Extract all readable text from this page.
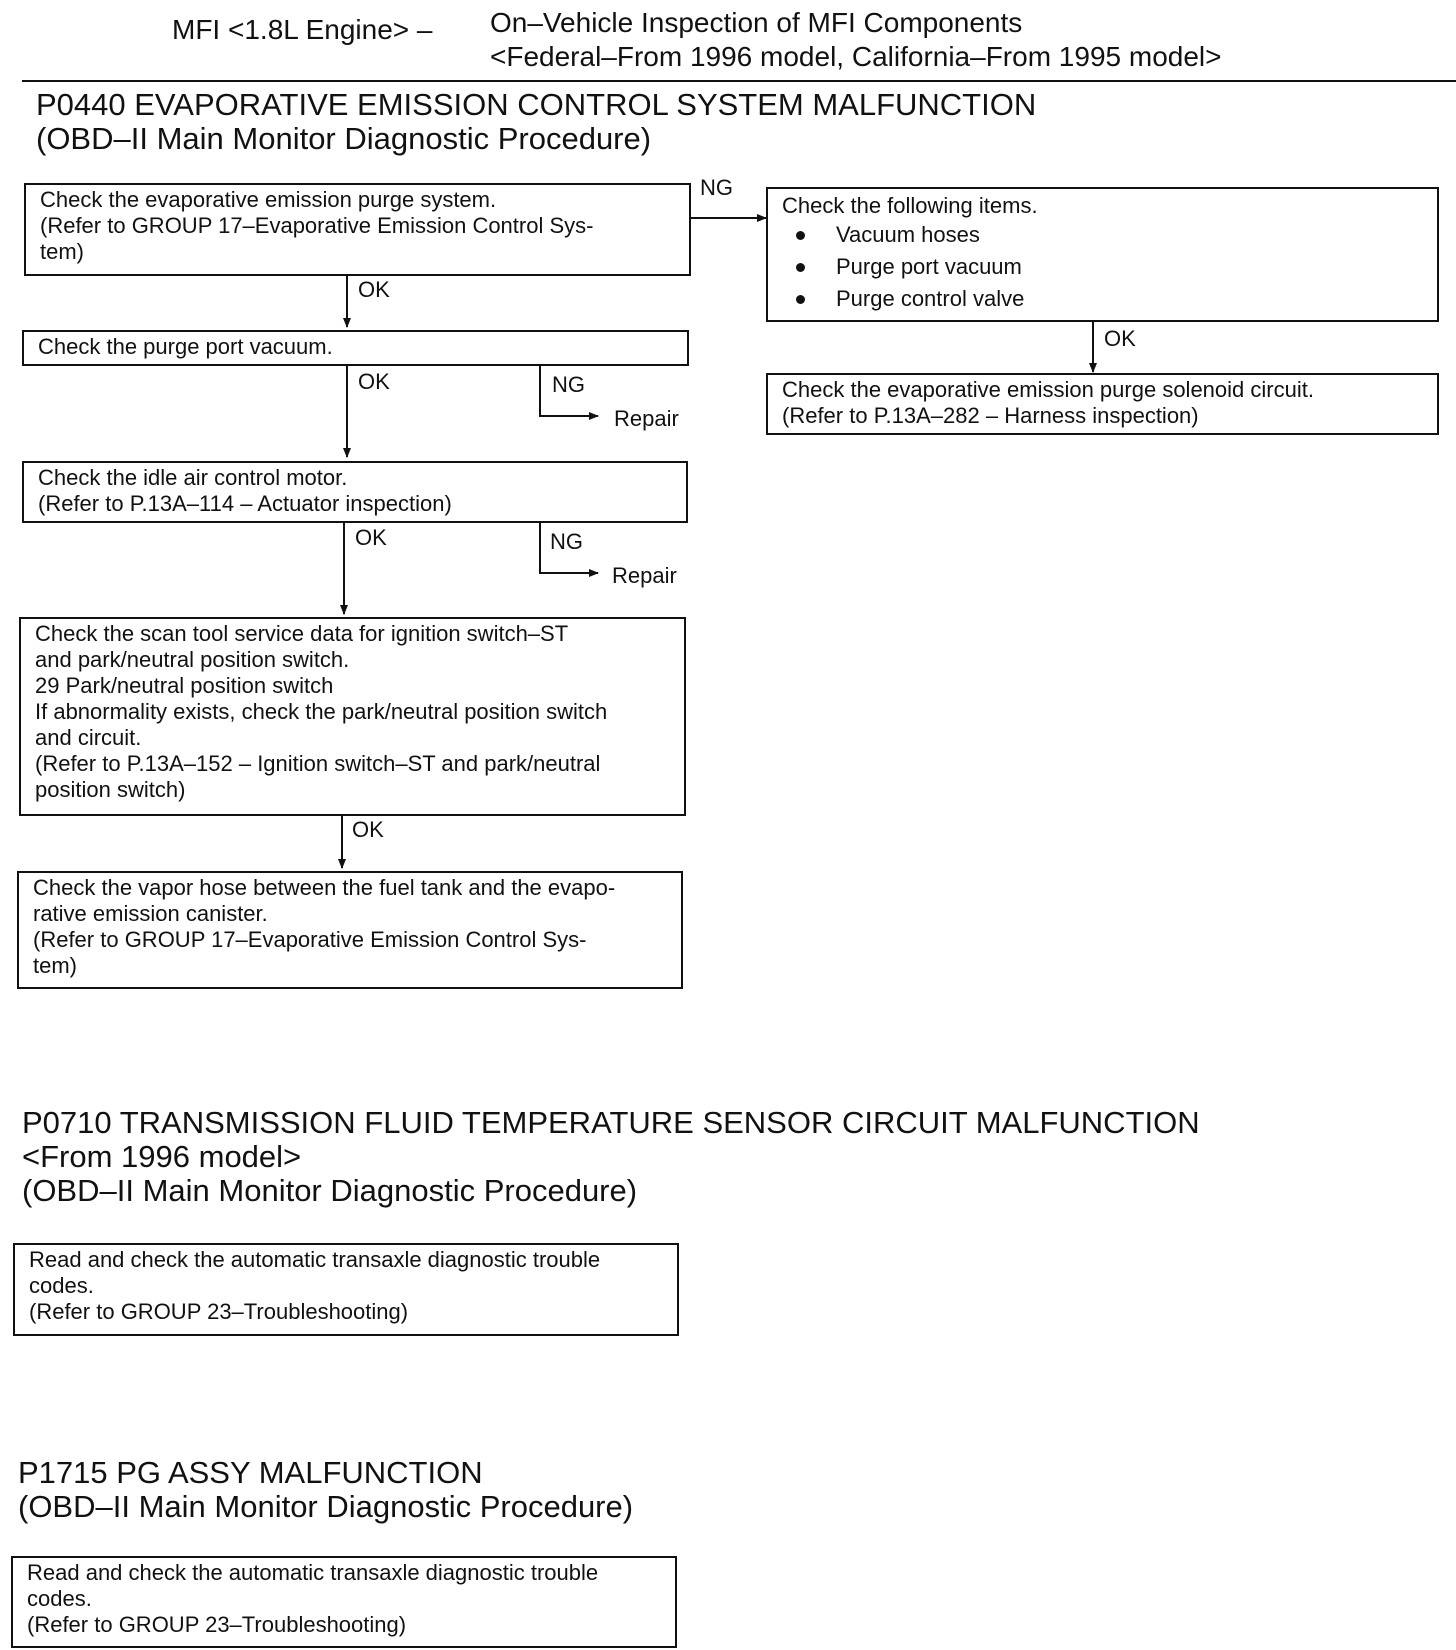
MFI <1.8L Engine> – On–Vehicle Inspection of MFI Components
<Federal–From 1996 model, California–From 1995 model>
P0440 EVAPORATIVE EMISSION CONTROL SYSTEM MALFUNCTION
(OBD–II Main Monitor Diagnostic Procedure)

Check the evaporative emission purge system.

(Refer to GROUP 17–Evaporative Emission Control Sys-

tem)

NG

Check the following items.

Vacuum hoses
Purge port vacuum
Purge control valve
OK

Check the evaporative emission purge solenoid circuit.

(Refer to P.13A–282 – Harness inspection)

OK

Check the purge port vacuum.

OK	NG
Repair

Check the idle air control motor.

(Refer to P.13A–114 – Actuator inspection)

OK	NG
Repair

Check the scan tool service data for ignition switch–ST

and park/neutral position switch.

29 Park/neutral position switch

If abnormality exists, check the park/neutral position switch

and circuit.

(Refer to P.13A–152 – Ignition switch–ST and park/neutral

position switch)

OK

Check the vapor hose between the fuel tank and the evapo-

rative emission canister.

(Refer to GROUP 17–Evaporative Emission Control Sys-

tem)

P0710 TRANSMISSION FLUID TEMPERATURE SENSOR CIRCUIT MALFUNCTION
<From 1996 model>
(OBD–II Main Monitor Diagnostic Procedure)

Read and check the automatic transaxle diagnostic trouble

codes.

(Refer to GROUP 23–Troubleshooting)

P1715 PG ASSY MALFUNCTION
(OBD–II Main Monitor Diagnostic Procedure)

Read and check the automatic transaxle diagnostic trouble

codes.

(Refer to GROUP 23–Troubleshooting)
